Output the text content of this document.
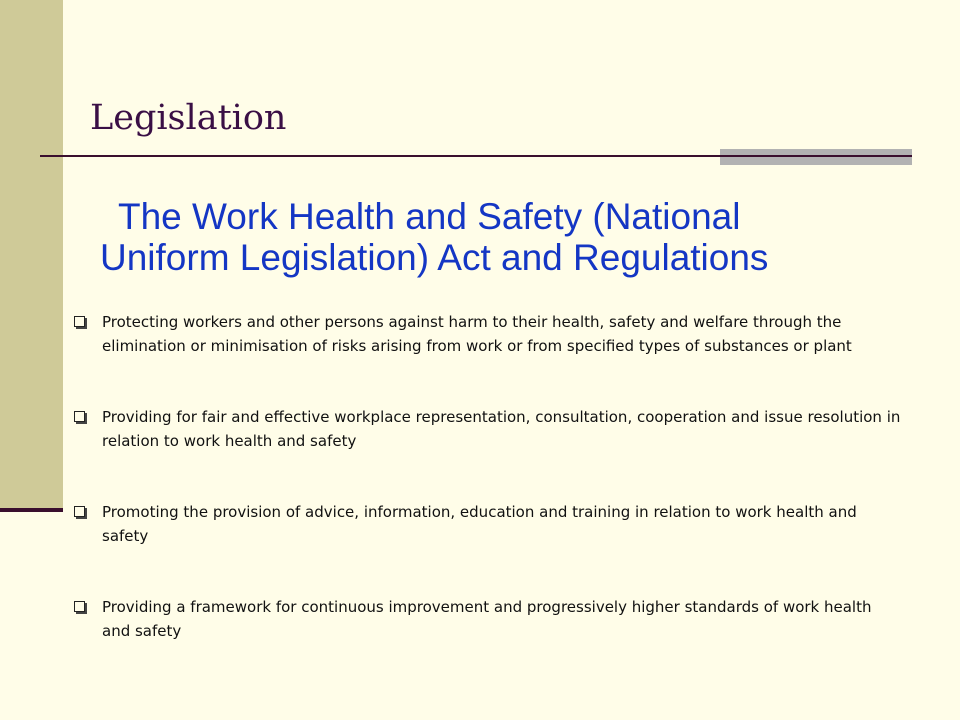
Legislation
The Work Health and Safety (National
Uniform Legislation) Act and Regulations
Protecting workers and other persons against harm to their health, safety and welfare through the elimination or minimisation of risks arising from work or from specified types of substances or plant
Providing for fair and effective workplace representation, consultation, cooperation and issue resolution in relation to work health and safety
Promoting the provision of advice, information, education and training in relation to work health and safety
Providing a framework for continuous improvement and progressively higher standards of work health and safety
